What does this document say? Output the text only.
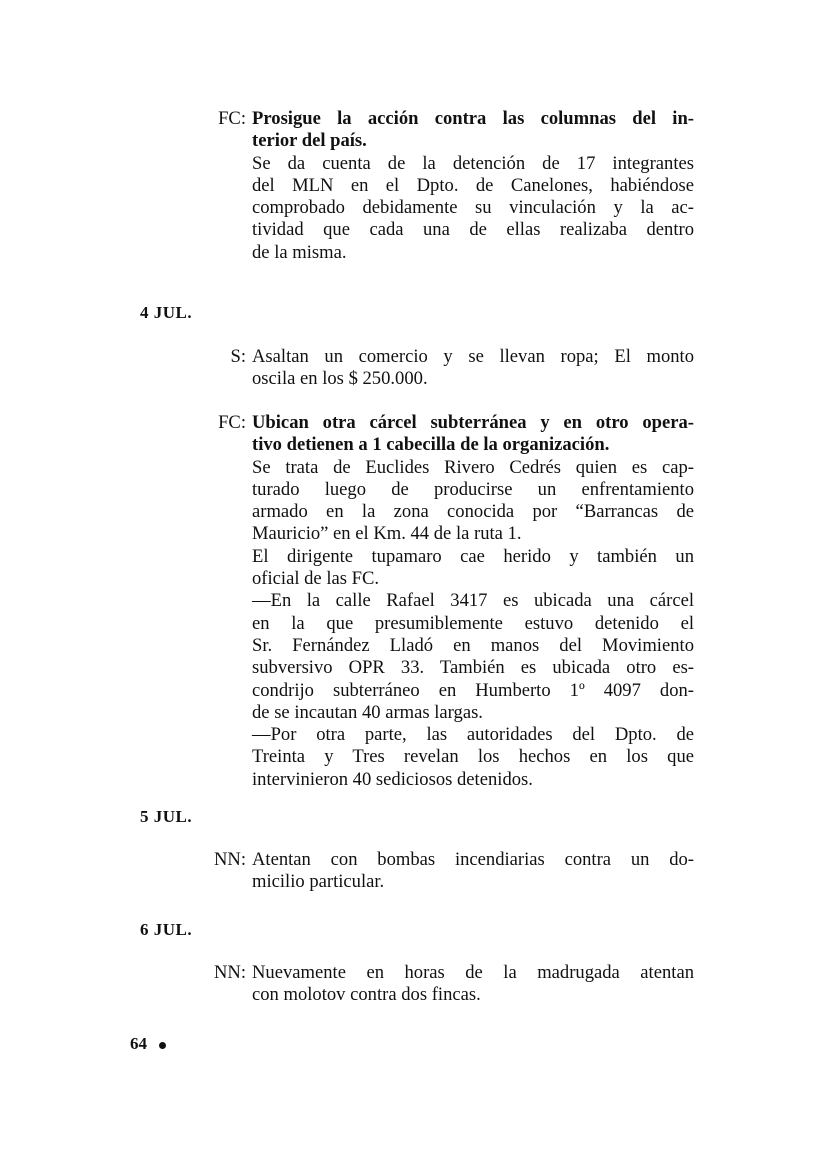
FC: Prosigue la acción contra las columnas del in-
terior del país.
Se da cuenta de la detención de 17 integrantes
del MLN en el Dpto. de Canelones, habiéndose
comprobado debidamente su vinculación y la ac-
tividad que cada una de ellas realizaba dentro
de la misma.
4 JUL.
S: Asaltan un comercio y se llevan ropa; El monto
oscila en los $ 250.000.
FC: Ubican otra cárcel subterránea y en otro opera-
tivo detienen a 1 cabecilla de la organización.
Se trata de Euclides Rivero Cedrés quien es cap-
turado luego de producirse un enfrentamiento
armado en la zona conocida por “Barrancas de
Mauricio” en el Km. 44 de la ruta 1.
El dirigente tupamaro cae herido y también un
oficial de las FC.
—En la calle Rafael 3417 es ubicada una cárcel
en la que presumiblemente estuvo detenido el
Sr. Fernández Lladó en manos del Movimiento
subversivo OPR 33. También es ubicada otro es-
condrijo subterráneo en Humberto 1º 4097 don-
de se incautan 40 armas largas.
—Por otra parte, las autoridades del Dpto. de
Treinta y Tres revelan los hechos en los que
intervinieron 40 sediciosos detenidos.
5 JUL.
NN: Atentan con bombas incendiarias contra un do-
micilio particular.
6 JUL.
NN: Nuevamente en horas de la madrugada atentan
con molotov contra dos fincas.
64
